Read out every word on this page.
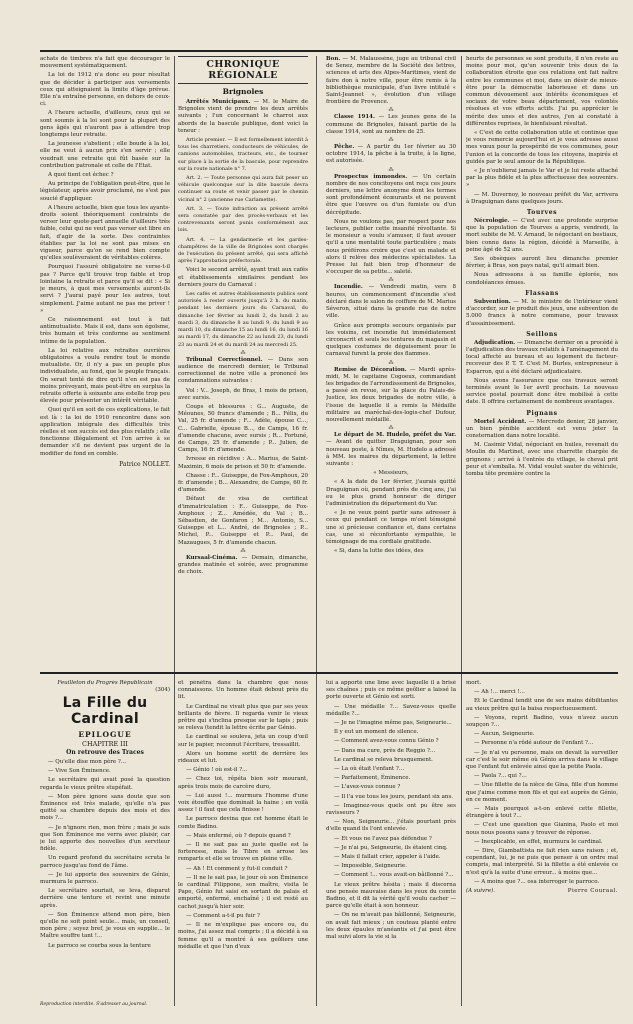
achats de timbres n'a fait que décourager le mouvement systématiquement.

La loi de 1912 n'a donc eu pour résultat que de décider à participer aux versements ceux qui atteignaient la limite d'âge prévue. Elle n'a entraîné personne, en dehors de ceux-ci.

A l'heure actuelle, d'ailleurs, ceux qui se sont soumis à la loi sont pour la plupart des gens âgés qui n'auront pas à attendre trop longtemps leur retraite.

La jeunesse s'abstient ; elle boude à la loi, elle ne veut à aucun prix s'en servir ; elle voudrait une retraite qui fût basée sur la contribution patronale et celle de l'Etat.

A quoi tient cet échec ?

Au principe de l'obligation peut-être, que le législateur, après avoir proclamé, ne s'est pas soucié d'appliquer.

A l'heure actuelle, bien que tous les ayants-droits soient théoriquement contraints de verser leur quote-part annuelle d'ailleurs très faible, celui qui ne veut pas verser est libre en fait, d'agir de la sorte. Des contraintes établies par la loi ne sont pas mises en vigueur, parce qu'on se rend bien compte qu'elles soulèveraient de véritables colères.

Pourquoi l'assuré obligatoire ne verse-t-il pas ? Parce qu'il trouve trop faible et trop lointaine la retraite et parce qu'il se dit : « Si je meurs, à quoi mes versements auront-ils servi ? J'aurai payé pour les autres, tout simplement. J'aime autant ne pas me priver ! »

Ce raisonnement est tout à fait antimutualiste. Mais il est, dans son égoïsme, très humain et très conforme au sentiment intime de la population.

La loi relative aux retraites ouvrières obligatoires a voulu rendre tout le monde mutualiste. Or, il n'y a pas un peuple plus individualiste, au fond, que le peuple français. On serait tenté de dire qu'il n'en est pas de moins prévoyant, mais peut-être en surplus la retraite offerte à soixante ans estelle trop peu élevée pour présenter un intérêt véritable.

Quoi qu'il en soit de ces explications, le fait est là : la loi de 1910 rencontre dans son application intégrale des difficultés très réelles et son succès est des plus relatifs ; elle fonctionne illégalement et l'on arrive à se demander s'il ne devient pas urgent de la modifier de fond en comble.

Patrice NOLLET.
CHRONIQUE RÉGIONALE
Brignoles

Arrêtés Municipaux. — M. le Maire de Brignoles vient de prendre les deux arrêtés suivants ; l'un concernant le charroi aux abords de la bascule publique, dont voici la teneur :

Article premier. — Il est formellement interdit à tous les charretiers, conducteurs de véhicules, de camions automobiles, tracteurs, etc., de tourner sur place à la sortie de la bascule, pour reprendre sur la route nationale n° 7.

Art. 2. — Toute personne qui aura fait peser un véhicule quelconque sur la dite bascule devra continuer sa route et venir passer par le chemin vicinal n° 2 (ancienne rue Carlamette).

Art. 3. — Toute infraction au présent arrêté sera constatée par des procès-verbaux et les contrevenants seront punis conformément aux lois.

Art. 4. — La gendarmerie et les gardes-champêtres de la ville de Brignoles sont chargés de l'exécution du présent arrêté, qui sera affiché après l'approbation préfectorale.

Voici le second arrêté, ayant trait aux cafés et établissements similaires pendant les derniers jours du Carnaval :

Les cafés et autres établissements publics sont autorisés à rester ouverts jusqu'à 2 h. du matin, pendant les derniers jours du Carnaval, du dimanche 1er février au lundi 2, du lundi 2 au mardi 3, du dimanche 8 au lundi 9, du lundi 9 au mardi 10, du dimanche 15 au lundi 16, du lundi 16 au mardi 17, du dimanche 22 au lundi 23, du lundi 23 au mardi 24 et du mardi 24 au mercredi 25.

⁂

Tribunal Correctionnel. — Dans son audience de mercredi dernier, le Tribunal correctionnel de notre ville a prononcé les condamnations suivantes :

Vol : V... Joseph, de Bras, 1 mois de prison, avec sursis.

Coups et blessures : G... Auguste, de Méounes, 50 francs d'amende ; B... Félix, du Val, 25 fr. d'amende ; F... Adèle, épouse C..., C... Gabrielle, épouse B..., de Camps, 16 fr. d'amende chacune, avec sursis ; R... Fortuné, de Camps, 25 fr. d'amende ; P... Julien, de Camps, 16 fr. d'amende.

Ivresse en récidive : A... Marius, de Saint-Maximin, 6 mois de prison et 50 fr. d'amende.

Chasse : F... Guiseppe, de Fox-Amphoux, 20 fr. d'amende ; B... Alexandre, de Camps, 60 fr. d'amende.

Défaut de visa de certificat d'immatriculation : F... Guiseppe, de Fox-Amphoux ; Z... Amédée, du Val ; B... Sébastien, de Gonfaron ; M... Antonio, S... Guiseppe et L... André, de Brignoles ; P... Michel, P... Guiseppe et P... Paul, de Mazaugues, 5 fr. d'amende chacun.

⁂

Kursaal-Cinéma. — Demain, dimanche, grandes matinée et soirée, avec programme de choix.

Bon. — M. Malaussène, juge au tribunal civil de Senez, membre de la Société des lettres, sciences et arts des Alpes-Maritimes, vient de faire don à notre ville, pour être remis à la bibliothèque municipale, d'un livre intitulé « Saint-Jeannet », évolution d'un village frontière de Provence.

⁂

Classe 1914. — Les jeunes gens de la commune de Brignoles, faisant partie de la classe 1914, sont au nombre de 25.

⁂

Pêche. — A partir du 1er février au 30 octobre 1914, la pêche à la truite, à la ligne, est autorisée.

⁂

Prospectus immondes. — Un certain nombre de nos concitoyens ont reçu ces jours derniers, une lettre anonyme dont les termes sont profondément écœurants et ne peuvent être que l'œuvre ou d'un fumiste ou d'un décrépitude.

Nous ne voulons pas, par respect pour nos lecteurs, publier cette insanité révoltante. Si le monsieur a voulu s'amuser, il faut avouer qu'il a une mentalité toute particulière ; mais nous préférons croire que c'est un malade et alors il relève des médecins spécialistes. La Presse lui fait bien trop d'honneur de s'occuper de sa petite... saleté.

⁂

Incendie. — Vendredi matin, vers 8 heures, un commencement d'incendie s'est déclaré dans le salon de coiffure de M. Marius Séveron, situé dans la grande rue de notre ville.

Grâce aux prompts secours organisés par les voisins, cet incendie fut immédiatement circonscrit et seuls les tentures du magasin et quelques costumes de déguisement pour le carnaval furent la proie des flammes.

⁂

Remise de Décoration. — Mardi après-midi, M. le capitaine Cogoeux, commandant les brigades de l'arrondissement de Brignoles, a passé en revue, sur la place du Palais-de-Justice, les deux brigades de notre ville, à l'issue de laquelle il a remis la Médaille militaire au maréchal-des-logis-chef Dufour, nouvellement médaillé.

⁂

Le départ de M. Hudelo, préfet du Var. — Avant de quitter Draguignan, pour son nouveau poste, à Nîmes, M. Hudelo a adressé à MM. les maires du département, la lettre suivante :

« Messieurs,

« A la date du 1er février, j'aurais quitté Draguignan où, pendant près de cinq ans, j'ai eu le plus grand honneur de diriger l'administration du département du Var.

« Je ne veux point partir sans adresser à ceux qui pendant ce temps m'ont témoigné une si précieuse confiance et, dans certains cas, une si réconfortante sympathie, le témoignage de ma cordiale gratitude.

« Si, dans la lutte des idées, des

heurts de personnes se sont produits, il n'en reste au moins pour moi, qu'un souvenir très doux de la collaboration étroite que ces relations ont fait naître entre les communes et moi, dans un désir de mieux-être pour la démocratie laborieuse et dans un commun dévouement aux intérêts économiques et sociaux de votre beau département, vos volontés résolues et vos efforts actifs. J'ai pu apprécier le mérite des unes et des autres, j'en ai constaté à différentes reprises, le bienfaisant résultat.

« C'est de cette collaboration utile et continue que je vous remercie aujourd'hui et je vous adresse aussi mes vœux pour la prospérité de vos communes, pour l'union et la concorde de tous les citoyens, inspirés et guidés par le seul amour de la République.

« Je n'oublierai jamais le Var et je lui reste attaché par la plus fidèle et la plus affectueuse des souvenirs. »

— M. Duvernoy, le nouveau préfet du Var, arrivera à Draguignan dans quelques jours.

Tourves

Nécrologie. — C'est avec une profonde surprise que la population de Tourves a appris, vendredi, la mort subite de M. V. Arnaud, le négociant en bestiaux, bien connu dans la région, décédé à Marseille, à peine âgé de 52 ans.

Ses obsèques auront lieu dimanche premier février, à Bras, son pays natal, qu'il aimait bien.

Nous adressons à sa famille éplorée, nos condoléances émues.

Flassans

Subvention. — M. le ministre de l'intérieur vient d'accorder, sur le produit des jeux, une subvention de 5.000 francs à notre commune, pour travaux d'assainissement.

Seillons

Adjudication. — Dimanche dernier on a procédé à l'adjudication des travaux relatifs à l'aménagement du local affecté au bureau et au logement du facteur-receveur des P. T. T. C'est M. Burles, entrepreneur à Esparron, qui a été déclaré adjudicataire.

Nous avons l'assurance que ces travaux seront terminés avant le 1er avril prochain. Le nouveau service postal pourrait donc être mobilisé à cette date. Il offrira certainement de nombreux avantages.

Pignans

Mortel Accident. — Mercredo denier, 28 janvier, un bien pénible accident est venu jeter la consternation dans notre localité.

M. Casimir Vidal, négociant en huiles, revenait du Moulin du Martinet, avec une charrette chargée de grignons ; arrivé à l'entrée du village, le cheval prit peur et s'emballa. M. Vidal voulut sauter du véhicule, tomba tête première contre la

Feuilleton du Progrès Républicain
(304)
La Fille du Cardinal
EPILOGUE
CHAPITRE III
On retrouve des Traces

— Qu'elle dise mon père ?...

— Vive Son Éminence.

Le secrétaire qui avait posé la question regarda le vieux prêtre stupéfait.

— Mon père ignore sans doute que son Éminence est très malade, qu'elle n'a pas quitté sa chambre depuis des mois et des mois ?...

— Je n'ignore rien, mon frère ; mais je sais que Son Éminence me verra avec plaisir, car je lui apporte des nouvelles d'un serviteur fidèle.

Un regard profond du secrétaire scruta le parroco jusqu'au fond de l'âme.

— Je lui apporte des souvenirs de Génio, murmura le parroco.

Le secrétaire souriait, se leva, disparut derrière une tenture et revint une minute après.

— Son Éminence attend mon père, bien qu'elle ne soit point seule... mais, un conseil, mon père ; soyez bref, je vous en supplie... le Maître souffre tant !...

Le parroco se courba sous la tenture

Reproduction interdite. S'adresser au journal.

et pénétra dans la chambre que nous connaissons. Un homme était debout près du lit.

Le Cardinal ne vivait plus que par ses yeux brillants de fièvre. Il regarda venir le vieux prêtre qui s'inclina presque sur le tapis ; puis se releva (tendit la lettre écrite par Génio.

Le cardinal se souleva, jeta un coup d'œil sur le papier, reconnut l'écriture, tressaillit.

Alors un homme sortit de derrière les rideaux et lut.

— Génio ! où est-il ?...

— Chez toi, répéta bien soir mourant, après trois mois de carcère duro,

— Lui aussi !... murmura l'homme d'une voix étouffée que dominait la haine ; en voilà assez ! il faut que cela finisse !

Le parroco devina que cet homme était le comte Badino.

— Mais enfermé, où ? depuis quand ?

— Il ne sait pas au juste quelle est la forteresse, mais le Tibre en arrose les remparts et elle se trouve en pleine ville.

— Ah ! Et comment y fut-il conduit ?

— Il ne le sait pas, le jour où son Éminence le cardinal Filippone, son maître, visita le Pape, Génio fut saisi en sortant de palais et emporté, enfermé, enchaîné ; il est resté au cachot jusqu'à hier soir.

— Comment a-t-il pu fuir ?

— Il ne m'explique pas encore ou, du moins, j'ai assez mal compris ; il a décidé à sa femme qu'il a montré à ses geôliers une médaille et que l'un d'eux

lui a apporté une lime avec laquelle il a brisé ses chaînes ; puis ce même geôlier a laissé la porte ouverte et Génio est sorti.

— Une médaille ?... Savez-vous quelle médaille ?...

— Je ne l'imagine même pas, Seigneurie...

Il y eut un moment de silence.

— Comment avez-vous connu Génio ?

— Dans ma cure, près de Reggio ?...

Le cardinal se releva brusquement.

— La où était l'enfant ?...

— Parfaitement, Éminence.

— L'avez-vous connue ?

— Il l'a vue tous les jours, pendant six ans.

— Imaginez-vous quels ont pu être ses ravisseurs ?

— Non, Seigneurie... j'étais pourtant près d'elle quand ils l'ont enlevée.

— Et vous ne l'avez pas défendue ?

— Je n'ai pu, Seigneurie, ils étaient cinq.

— Mais il fallait crier, appeler à l'aide.

— Impossible, Seigneurie.

— Comment !... vous avait-on bâillonné ?...

Le vieux prêtre hésita ; mais il discerna une pensée mauvaise dans les yeux du comte Badino, et il dit la vérité qu'il voulu cacher — parce qu'elle était à son honneur.

— On ne m'avait pas bâillonné, Seigneurie, on avait fait mieux ; un couteau planté entre les deux épaules m'anéantis et j'ai peut être mal suivi alors la vie si la

mort.

— Ah !... merci !...

Et le Cardinal tendit une de ses mains débilitantes au vieux prêtre qui la baisa respectueusement.

— Voyons, reprit Badino, vous n'avez aucun soupçon ?...

— Aucun, Seigneurie.

— Personne n'a rôdé autour de l'enfant ?...

— Je n'ai vu personne, mais on devait la surveiller car c'est le soir même où Génio arriva dans le village que l'enfant fut enlevée ainsi que la petite Paola.

— Paola ?... qui ?...

— Une fillette de la nièce de Gina, fille d'un homme que j'aime comme mon fils et qui est auprès de Génio, en ce moment.

— Mais pourquoi a-t-on enlevé cette fillette, étrangère à tout ?...

— C'est une question que Gianina, Paolo et moi nous nous posons sans y trouver de réponse.

— Inexplicable, en effet, murmura le cardinal.

— Dire, Giambattista ne fait rien sans raison ; et, cependant, lui, je ne puis que penser à un ordre mal compris, mal interprété. Si la fillette a été enlevée ce n'est qu'à la suite d'une erreur... à moins que...

— A moins que ?... osa interroger le parroco.

(A suivre).	Pierre Couraal.
